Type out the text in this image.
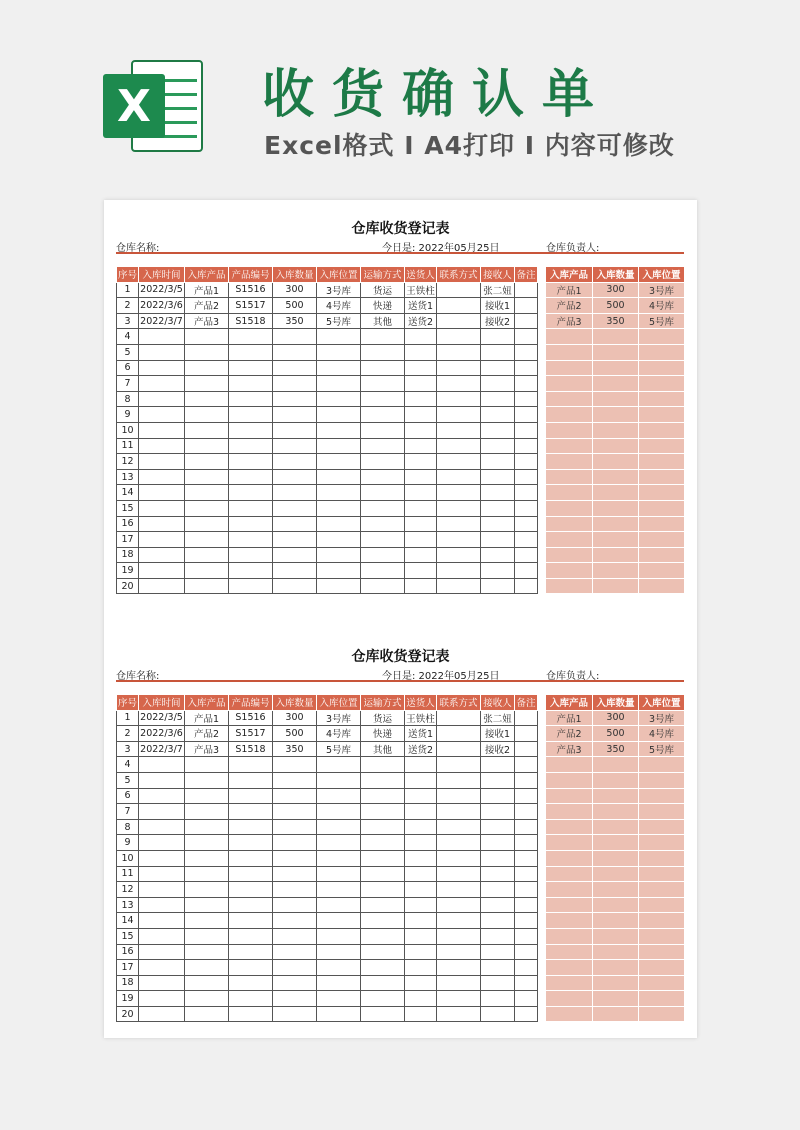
X 收货确认单
Excel格式 I A4打印 I 内容可修改
仓库收货登记表
仓库名称:	今日是: 2022年05月25日	仓库负责人:
序号	入库时间	入库产品	产品编号	入库数量	入库位置	运输方式	送货人	联系方式	接收人	备注
1	2022/3/5	产品1	S1516	300	3号库	货运	王铁柱		张二妞	
2	2022/3/6	产品2	S1517	500	4号库	快递	送货1		接收1	
3	2022/3/7	产品3	S1518	350	5号库	其他	送货2		接收2	
4										
5										
6										
7										
8										
9										
10										
11										
12										
13										
14										
15										
16										
17										
18										
19										
20										
入库产品	入库数量	入库位置
产品1	300	3号库
产品2	500	4号库
产品3	350	5号库

仓库收货登记表
仓库名称:	今日是: 2022年05月25日	仓库负责人:
序号	入库时间	入库产品	产品编号	入库数量	入库位置	运输方式	送货人	联系方式	接收人	备注
1	2022/3/5	产品1	S1516	300	3号库	货运	王铁柱		张二妞	
2	2022/3/6	产品2	S1517	500	4号库	快递	送货1		接收1	
3	2022/3/7	产品3	S1518	350	5号库	其他	送货2		接收2	
4										
5										
6										
7										
8										
9										
10										
11										
12										
13										
14										
15										
16										
17										
18										
19										
20										
入库产品	入库数量	入库位置
产品1	300	3号库
产品2	500	4号库
产品3	350	5号库
